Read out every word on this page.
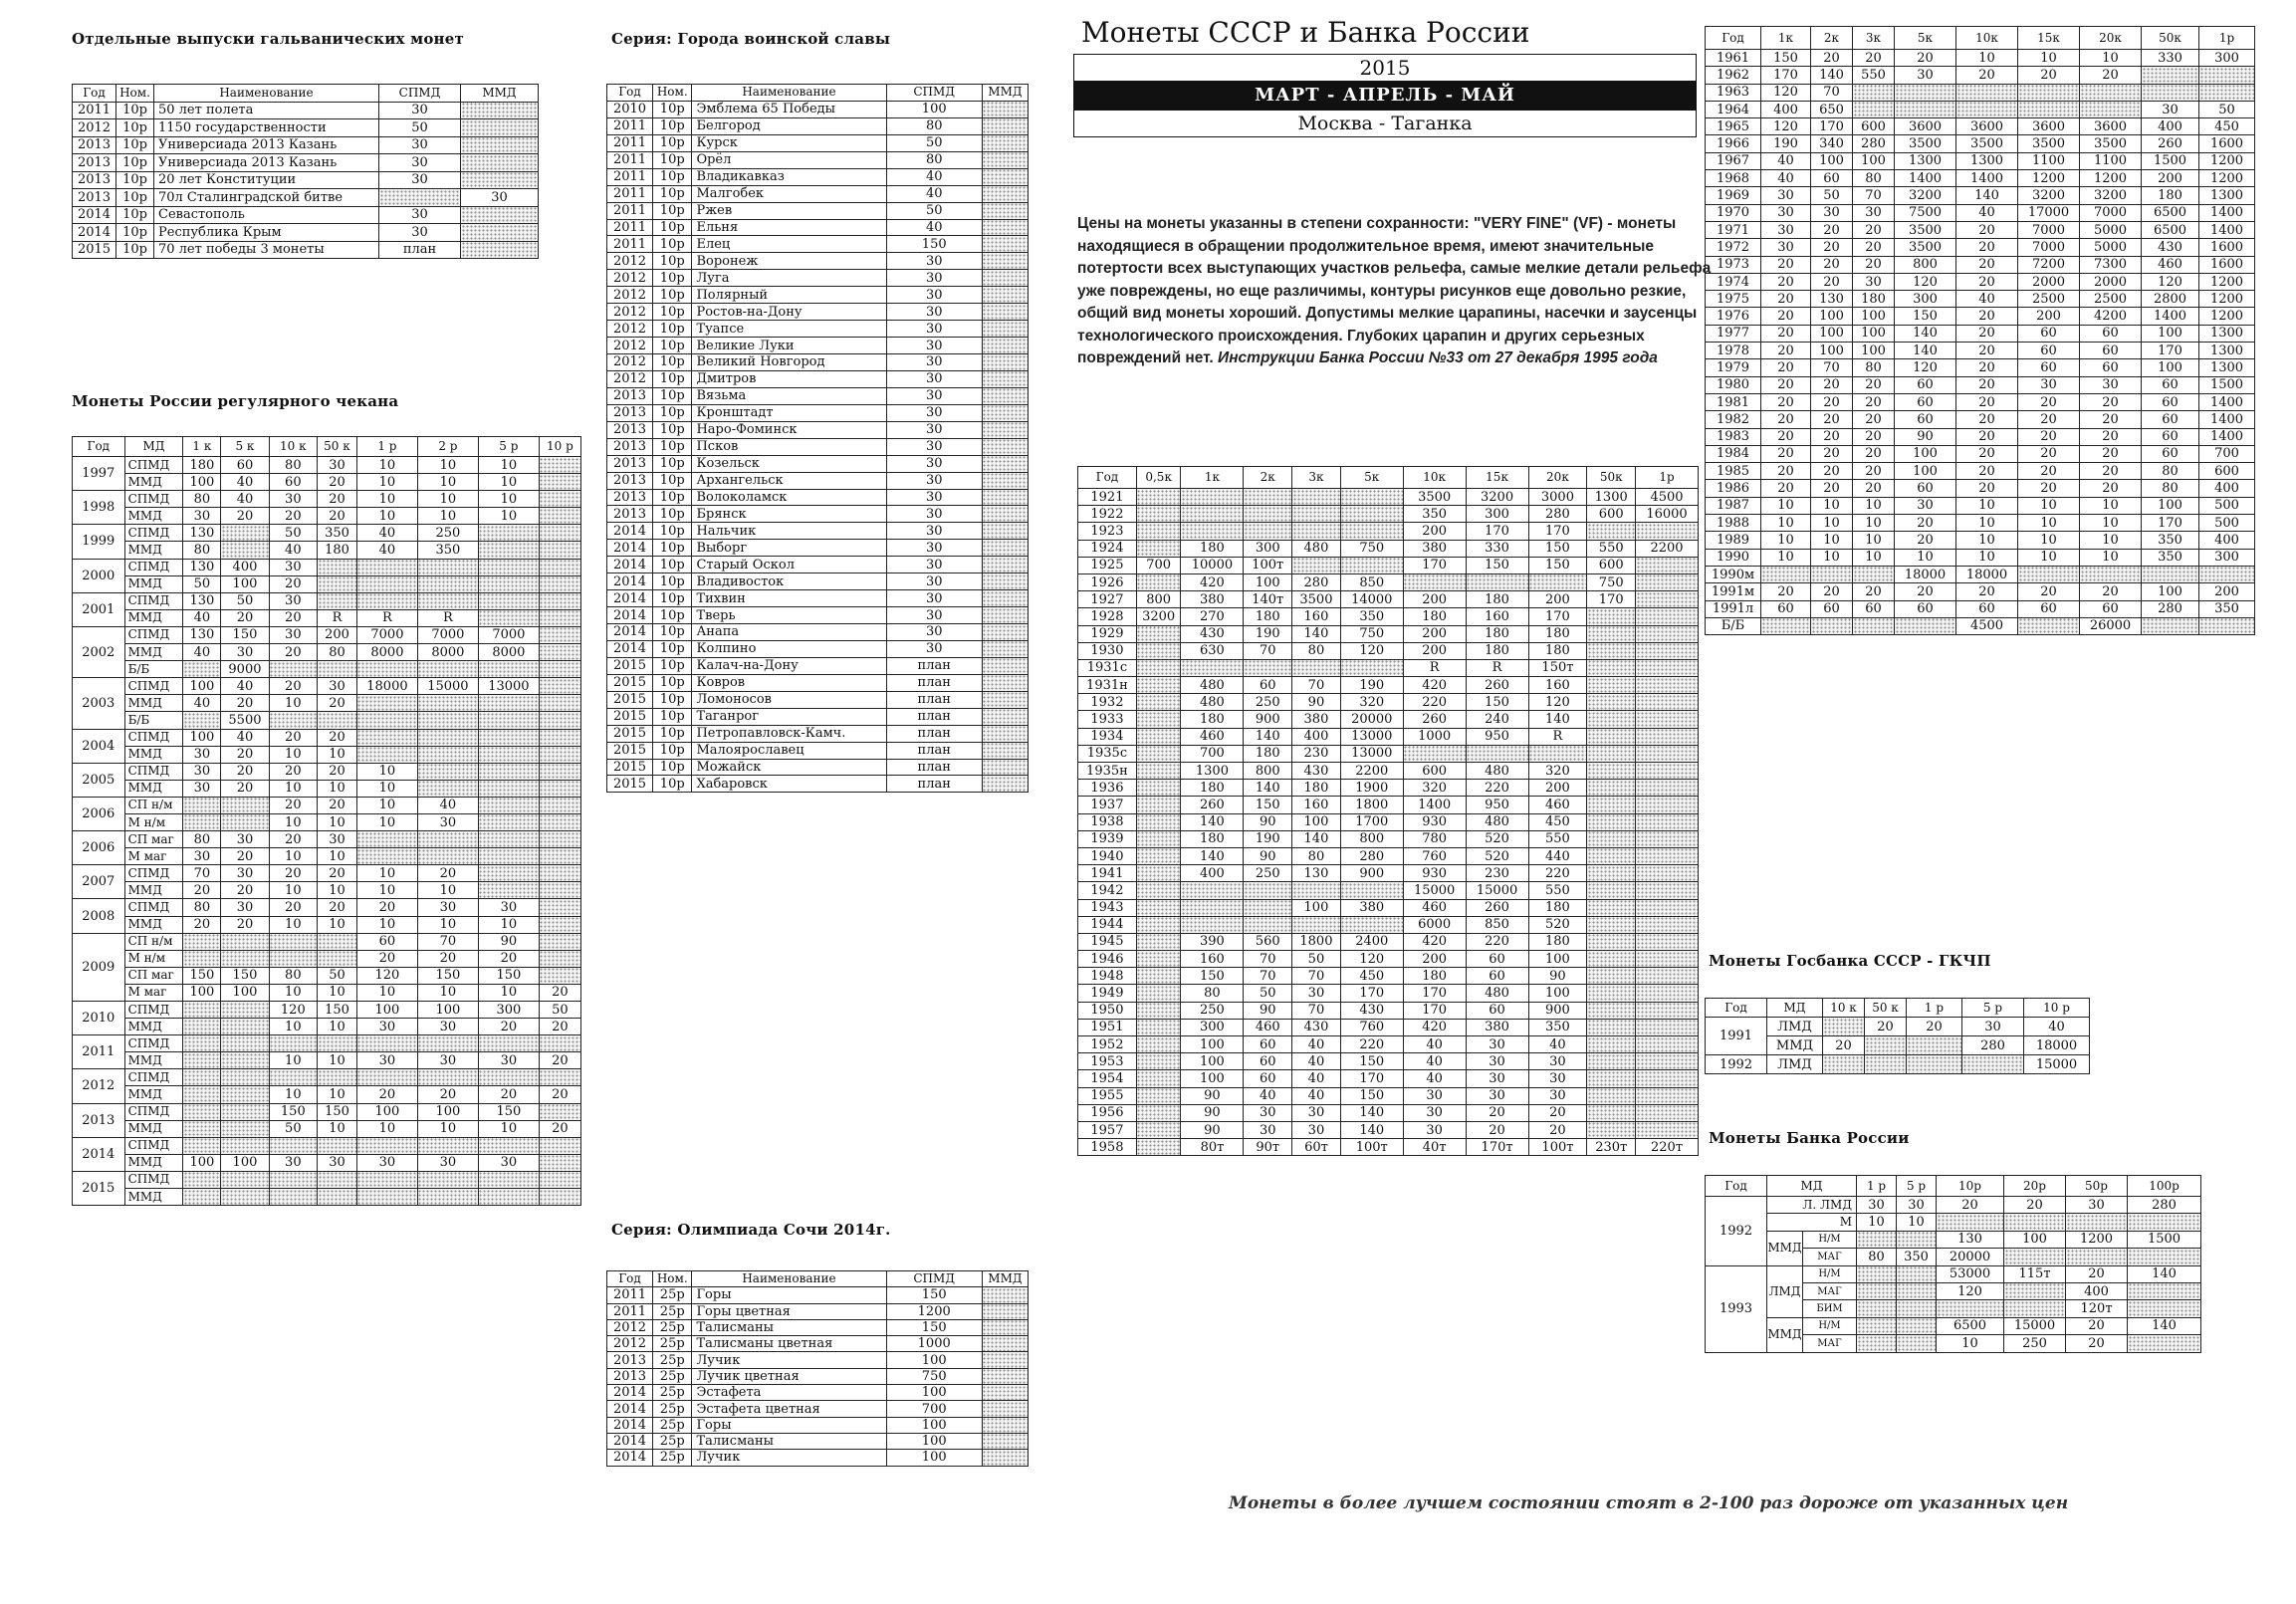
Отдельные выпуски гальванических монет
Год	Ном.	Наименование	СПМД	ММД
2011	10р	50 лет полета	30	
2012	10р	1150 государственности	50	
2013	10р	Универсиада 2013 Казань	30	
2013	10р	Универсиада 2013 Казань	30	
2013	10р	20 лет Конституции	30	
2013	10р	70л Сталинградской битве		30
2014	10р	Севастополь	30	
2014	10р	Республика Крым	30	
2015	10р	70 лет победы 3 монеты	план	
Монеты России регулярного чекана
Год	МД	1 к	5 к	10 к	50 к	1 р	2 р	5 р	10 р
1997	СПМД	180	60	80	30	10	10	10	
	ММД	100	40	60	20	10	10	10	
1998	СПМД	80	40	30	20	10	10	10	
	ММД	30	20	20	20	10	10	10	
1999	СПМД	130		50	350	40	250		
	ММД	80		40	180	40	350		
2000	СПМД	130	400	30					
	ММД	50	100	20					
2001	СПМД	130	50	30					
	ММД	40	20	20	R	R	R		
2002	СПМД	130	150	30	200	7000	7000	7000	
	ММД	40	30	20	80	8000	8000	8000	
	Б/Б		9000						
2003	СПМД	100	40	20	30	18000	15000	13000	
	ММД	40	20	10	20				
	Б/Б		5500						
2004	СПМД	100	40	20	20				
	ММД	30	20	10	10				
2005	СПМД	30	20	20	20	10			
	ММД	30	20	10	10	10			
2006	СП н/м			20	20	10	40		
	М н/м			10	10	10	30		
2006	СП маг	80	30	20	30				
	М маг	30	20	10	10				
2007	СПМД	70	30	20	20	10	20		
	ММД	20	20	10	10	10	10		
2008	СПМД	80	30	20	20	20	30	30	
	ММД	20	20	10	10	10	10	10	
2009	СП н/м					60	70	90	
	М н/м					20	20	20	
	СП маг	150	150	80	50	120	150	150	
	М маг	100	100	10	10	10	10	10	20
2010	СПМД			120	150	100	100	300	50
	ММД			10	10	30	30	20	20
2011	СПМД								
	ММД			10	10	30	30	30	20
2012	СПМД								
	ММД			10	10	20	20	20	20
2013	СПМД			150	150	100	100	150	
	ММД			50	10	10	10	10	20
2014	СПМД								
	ММД	100	100	30	30	30	30	30	
2015	СПМД								
	ММД								
Серия: Города воинской славы
Год	Ном.	Наименование	СПМД	ММД
2010	10р	Эмблема 65 Победы	100	
2011	10р	Белгород	80	
2011	10р	Курск	50	
2011	10р	Орёл	80	
2011	10р	Владикавказ	40	
2011	10р	Малгобек	40	
2011	10р	Ржев	50	
2011	10р	Ельня	40	
2011	10р	Елец	150	
2012	10р	Воронеж	30	
2012	10р	Луга	30	
2012	10р	Полярный	30	
2012	10р	Ростов-на-Дону	30	
2012	10р	Туапсе	30	
2012	10р	Великие Луки	30	
2012	10р	Великий Новгород	30	
2012	10р	Дмитров	30	
2013	10р	Вязьма	30	
2013	10р	Кронштадт	30	
2013	10р	Наро-Фоминск	30	
2013	10р	Псков	30	
2013	10р	Козельск	30	
2013	10р	Архангельск	30	
2013	10р	Волоколамск	30	
2013	10р	Брянск	30	
2014	10р	Нальчик	30	
2014	10р	Выборг	30	
2014	10р	Старый Оскол	30	
2014	10р	Владивосток	30	
2014	10р	Тихвин	30	
2014	10р	Тверь	30	
2014	10р	Анапа	30	
2014	10р	Колпино	30	
2015	10р	Калач-на-Дону	план	
2015	10р	Ковров	план	
2015	10р	Ломоносов	план	
2015	10р	Таганрог	план	
2015	10р	Петропавловск-Камч.	план	
2015	10р	Малоярославец	план	
2015	10р	Можайск	план	
2015	10р	Хабаровск	план	
Серия: Олимпиада Сочи 2014г.
Год	Ном.	Наименование	СПМД	ММД
2011	25р	Горы	150	
2011	25р	Горы цветная	1200	
2012	25р	Талисманы	150	
2012	25р	Талисманы цветная	1000	
2013	25р	Лучик	100	
2013	25р	Лучик цветная	750	
2014	25р	Эстафета	100	
2014	25р	Эстафета цветная	700	
2014	25р	Горы	100	
2014	25р	Талисманы	100	
2014	25р	Лучик	100	
Монеты СССР и Банка России
2015
МАРТ - АПРЕЛЬ - МАЙ
Москва - Таганка
Цены на монеты указанны в степени сохранности: "VERY FINE" (VF) - монеты находящиеся в обращении продолжительное время, имеют значительные потертости всех выступающих участков рельефа, самые мелкие детали рельефа уже повреждены, но еще различимы, контуры рисунков еще довольно резкие, общий вид монеты хороший. Допустимы мелкие царапины, насечки и заусенцы технологического происхождения. Глубоких царапин и других серьезных повреждений нет. Инструкции Банка России №33 от 27 декабря 1995 года
Год	0,5к	1к	2к	3к	5к	10к	15к	20к	50к	1р
1921						3500	3200	3000	1300	4500
1922						350	300	280	600	16000
1923						200	170	170		
1924		180	300	480	750	380	330	150	550	2200
1925	700	10000	100т			170	150	150	600	
1926		420	100	280	850				750	
1927	800	380	140т	3500	14000	200	180	200	170	
1928	3200	270	180	160	350	180	160	170		
1929		430	190	140	750	200	180	180		
1930		630	70	80	120	200	180	180		
1931с						R	R	150т		
1931н		480	60	70	190	420	260	160		
1932		480	250	90	320	220	150	120		
1933		180	900	380	20000	260	240	140		
1934		460	140	400	13000	1000	950	R		
1935с		700	180	230	13000					
1935н		1300	800	430	2200	600	480	320		
1936		180	140	180	1900	320	220	200		
1937		260	150	160	1800	1400	950	460		
1938		140	90	100	1700	930	480	450		
1939		180	190	140	800	780	520	550		
1940		140	90	80	280	760	520	440		
1941		400	250	130	900	930	230	220		
1942						15000	15000	550		
1943				100	380	460	260	180		
1944						6000	850	520		
1945		390	560	1800	2400	420	220	180		
1946		160	70	50	120	200	60	100		
1948		150	70	70	450	180	60	90		
1949		80	50	30	170	170	480	100		
1950		250	90	70	430	170	60	900		
1951		300	460	430	760	420	380	350		
1952		100	60	40	220	40	30	40		
1953		100	60	40	150	40	30	30		
1954		100	60	40	170	40	30	30		
1955		90	40	40	150	30	30	30		
1956		90	30	30	140	30	20	20		
1957		90	30	30	140	30	20	20		
1958		80т	90т	60т	100т	40т	170т	100т	230т	220т
Год	1к	2к	3к	5к	10к	15к	20к	50к	1р
1961	150	20	20	20	10	10	10	330	300
1962	170	140	550	30	20	20	20		
1963	120	70							
1964	400	650						30	50
1965	120	170	600	3600	3600	3600	3600	400	450
1966	190	340	280	3500	3500	3500	3500	260	1600
1967	40	100	100	1300	1300	1100	1100	1500	1200
1968	40	60	80	1400	1400	1200	1200	200	1200
1969	30	50	70	3200	140	3200	3200	180	1300
1970	30	30	30	7500	40	17000	7000	6500	1400
1971	30	20	20	3500	20	7000	5000	6500	1400
1972	30	20	20	3500	20	7000	5000	430	1600
1973	20	20	20	800	20	7200	7300	460	1600
1974	20	20	30	120	20	2000	2000	120	1200
1975	20	130	180	300	40	2500	2500	2800	1200
1976	20	100	100	150	20	200	4200	1400	1200
1977	20	100	100	140	20	60	60	100	1300
1978	20	100	100	140	20	60	60	170	1300
1979	20	70	80	120	20	60	60	100	1300
1980	20	20	20	60	20	30	30	60	1500
1981	20	20	20	60	20	20	20	60	1400
1982	20	20	20	60	20	20	20	60	1400
1983	20	20	20	90	20	20	20	60	1400
1984	20	20	20	100	20	20	20	60	700
1985	20	20	20	100	20	20	20	80	600
1986	20	20	20	60	20	20	20	80	400
1987	10	10	10	30	10	10	10	100	500
1988	10	10	10	20	10	10	10	170	500
1989	10	10	10	20	10	10	10	350	400
1990	10	10	10	10	10	10	10	350	300
1990м				18000	18000				
1991м	20	20	20	20	20	20	20	100	200
1991л	60	60	60	60	60	60	60	280	350
Б/Б					4500		26000		
Монеты Госбанка СССР - ГКЧП
Год	МД	10 к	50 к	1 р	5 р	10 р
1991	ЛМД		20	20	30	40
	ММД	20			280	18000
1992	ЛМД					15000
Монеты Банка России
Год	МД		1 р	5 р	10р	20р	50р	100р
1992	Л. ЛМД		30	30	20	20	30	280
	М		10	10				
	ММД	Н/М			130	100	1200	1500
		МАГ	80	350	20000			
1993	ЛМД	Н/М			53000	115т	20	140
		МАГ			120		400	
		БИМ					120т	
	ММД	Н/М			6500	15000	20	140
		МАГ			10	250	20	
Монеты в более лучшем состоянии стоят в 2-100 раз дороже от указанных цен
